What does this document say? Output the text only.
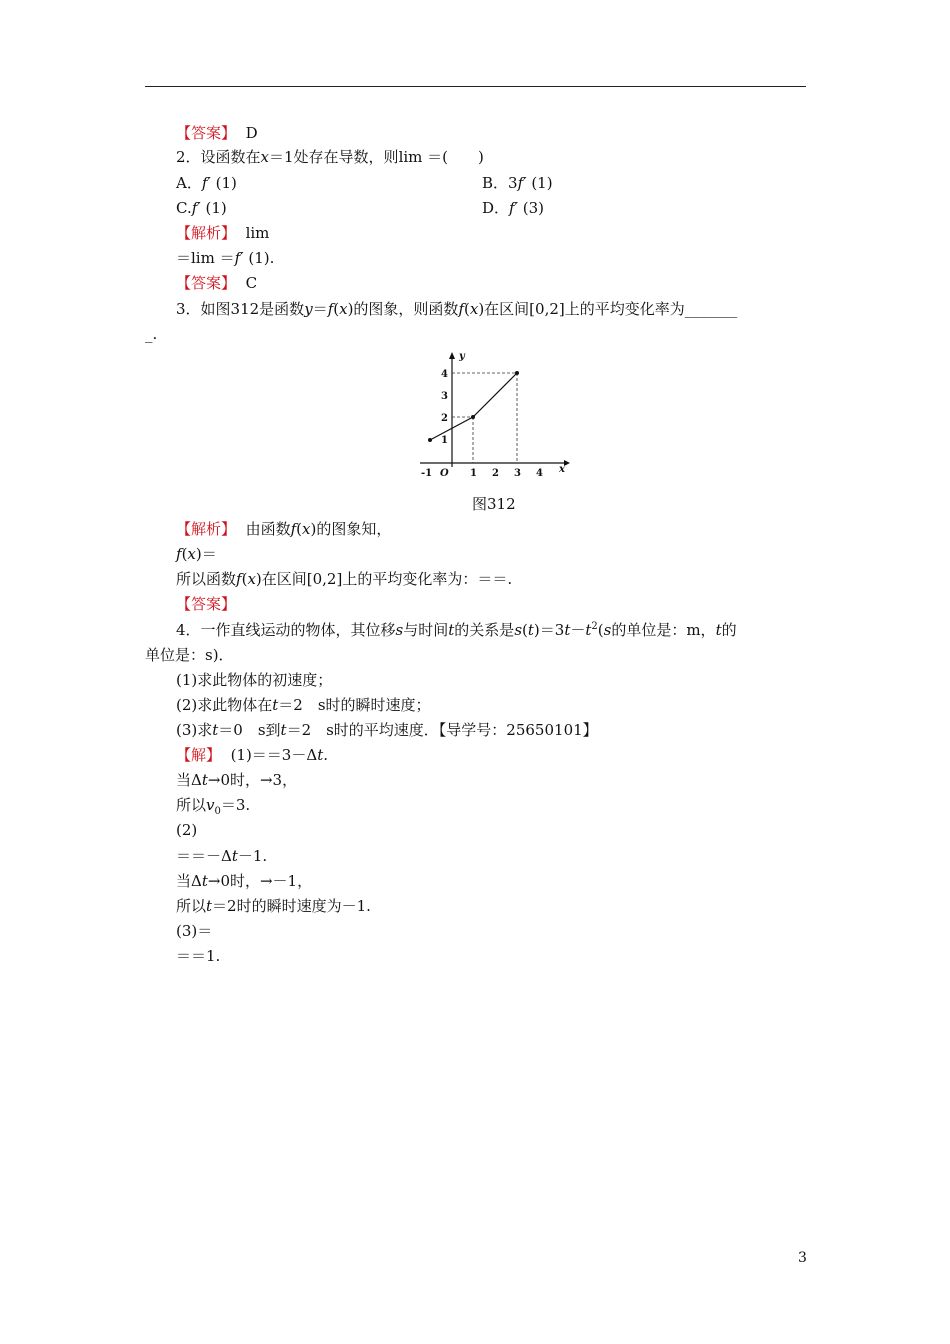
【答案】 D
2．设函数在x＝1处存在导数，则lim ＝(　　)
A．f′ (1)	B．3f′ (1)
C.f′ (1)	D．f′ (3)
【解析】 lim
＝lim ＝f′ (1).
【答案】 C
3．如图312是函数y＝f(x)的图象，则函数f(x)在区间[0,2]上的平均变化率为_______
_.
y
x
O
-1	1 2 3 4
1
2
3
4
图312
【解析】 由函数f(x)的图象知，
f(x)＝
所以函数f(x)在区间[0,2]上的平均变化率为：＝＝.
【答案】
4．一作直线运动的物体，其位移s与时间t的关系是$s(t)=3t-t^2(s$的单位是：m，t的
单位是：s)．
(1)求此物体的初速度；
(2)求此物体在t＝2　s时的瞬时速度；
(3)求t＝0　s到t＝2　s时的平均速度．【导学号：25650101】
【解】 (1)＝＝3－Δt.
当Δt→0时，→3，
所以$v_0=3$.
(2)
＝＝－Δt－1.
当Δt→0时，→－1，
所以t＝2时的瞬时速度为－1.
(3)＝
＝＝1.
3
